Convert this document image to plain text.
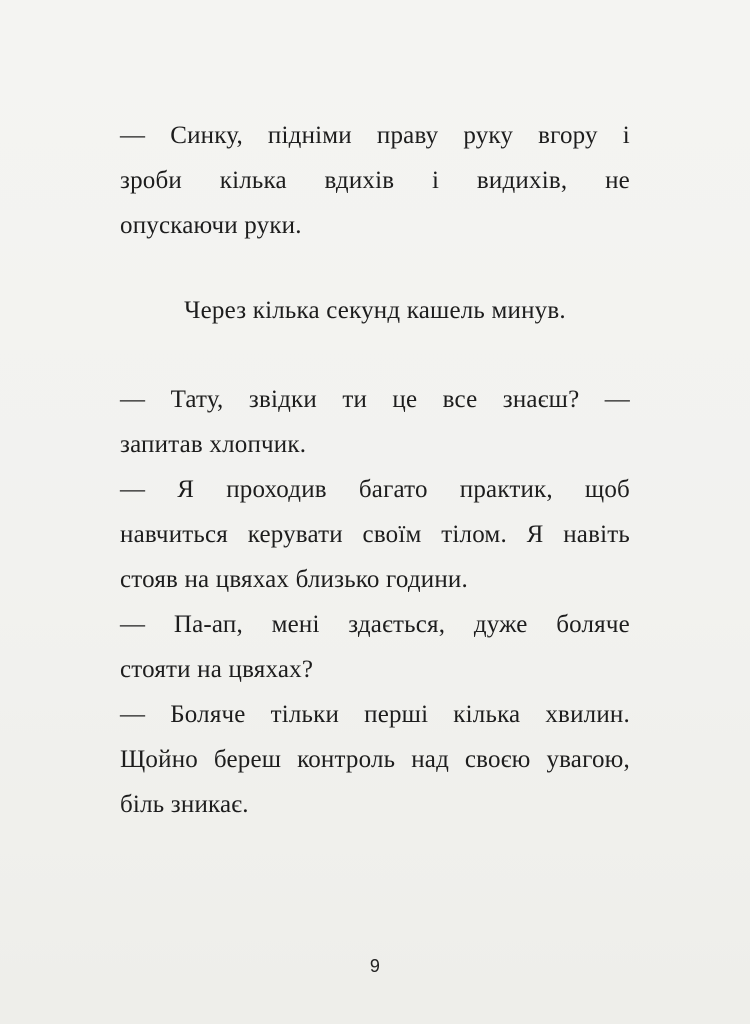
— Синку, підніми праву руку вгору і
зроби кілька вдихів і видихів, не
опускаючи руки.
Через кілька секунд кашель минув.
— Тату, звідки ти це все знаєш? —
запитав хлопчик.
— Я проходив багато практик, щоб
навчиться керувати своїм тілом. Я навіть
стояв на цвяхах близько години.
— Па-ап, мені здається, дуже боляче
стояти на цвяхах?
— Боляче тільки перші кілька хвилин.
Щойно береш контроль над своєю увагою,
біль зникає.
9
